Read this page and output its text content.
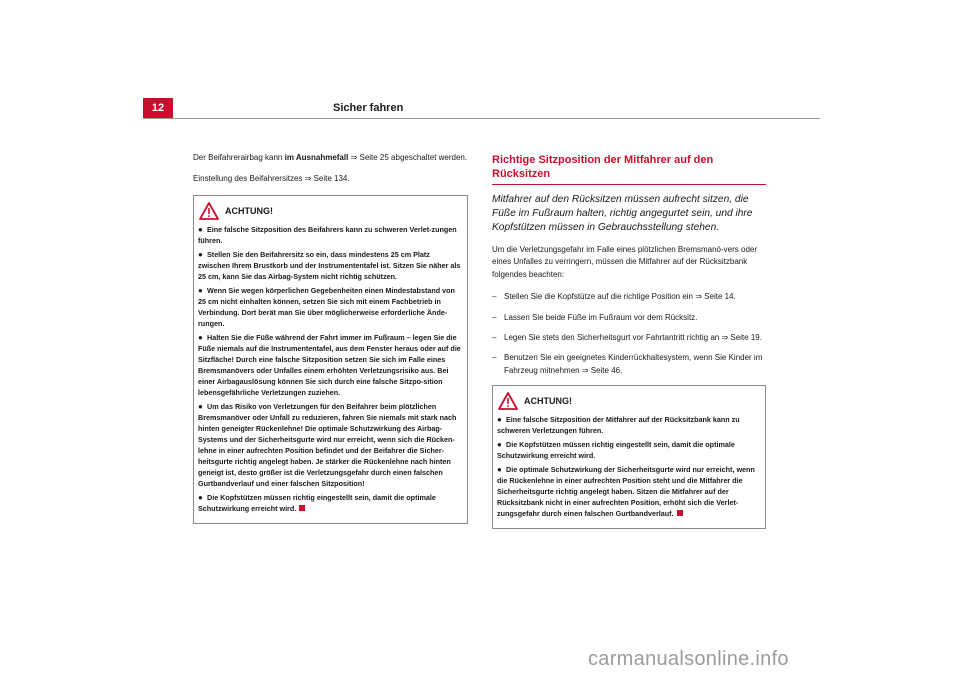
12	Sicher fahren

Der Beifahrerairbag kann im Ausnahmefall ⇒ Seite 25 abgeschaltet werden.

Einstellung des Beifahrersitzes ⇒ Seite 134.

ACHTUNG!

● Eine falsche Sitzposition des Beifahrers kann zu schweren Verlet-zungen führen.

● Stellen Sie den Beifahrersitz so ein, dass mindestens 25 cm Platz zwischen Ihrem Brustkorb und der Instrumententafel ist. Sitzen Sie näher als 25 cm, kann Sie das Airbag-System nicht richtig schützen.

● Wenn Sie wegen körperlichen Gegebenheiten einen Mindestabstand von 25 cm nicht einhalten können, setzen Sie sich mit einem Fachbetrieb in Verbindung. Dort berät man Sie über möglicherweise erforderliche Ände-rungen.

● Halten Sie die Füße während der Fahrt immer im Fußraum – legen Sie die Füße niemals auf die Instrumententafel, aus dem Fenster heraus oder auf die Sitzfläche! Durch eine falsche Sitzposition setzen Sie sich im Falle eines Bremsmanövers oder Unfalles einem erhöhten Verletzungsrisiko aus. Bei einer Airbagauslösung können Sie sich durch eine falsche Sitzpo-sition lebensgefährliche Verletzungen zuziehen.

● Um das Risiko von Verletzungen für den Beifahrer beim plötzlichen Bremsmanöver oder Unfall zu reduzieren, fahren Sie niemals mit stark nach hinten geneigter Rückenlehne! Die optimale Schutzwirkung des Airbag-Systems und der Sicherheitsgurte wird nur erreicht, wenn sich die Rücken-lehne in einer aufrechten Position befindet und der Beifahrer die Sicher-heitsgurte richtig angelegt haben. Je stärker die Rückenlehne nach hinten geneigt ist, desto größer ist die Verletzungsgefahr durch einen falschen Gurtbandverlauf und einer falschen Sitzposition!

● Die Kopfstützen müssen richtig eingestellt sein, damit die optimale Schutzwirkung erreicht wird.

Richtige Sitzposition der Mitfahrer auf den Rücksitzen
Mitfahrer auf den Rücksitzen müssen aufrecht sitzen, die Füße im Fußraum halten, richtig angegurtet sein, und ihre Kopfstützen müssen in Gebrauchsstellung stehen.
Um die Verletzungsgefahr im Falle eines plötzlichen Bremsmanö-vers oder eines Unfalles zu verringern, müssen die Mitfahrer auf der Rücksitzbank folgendes beachten:
– Stellen Sie die Kopfstütze auf die richtige Position ein ⇒ Seite 14.
– Lassen Sie beide Füße im Fußraum vor dem Rücksitz.
– Legen Sie stets den Sicherheitsgurt vor Fahrtantritt richtig an ⇒ Seite 19.
– Benutzen Sie ein geeignetes Kinderrückhaltesystem, wenn Sie Kinder im Fahrzeug mitnehmen ⇒ Seite 46.
ACHTUNG!

● Eine falsche Sitzposition der Mitfahrer auf der Rücksitzbank kann zu schweren Verletzungen führen.

● Die Kopfstützen müssen richtig eingestellt sein, damit die optimale Schutzwirkung erreicht wird.

● Die optimale Schutzwirkung der Sicherheitsgurte wird nur erreicht, wenn die Rückenlehne in einer aufrechten Position steht und die Mitfahrer die Sicherheitsgurte richtig angelegt haben. Sitzen die Mitfahrer auf der Rücksitzbank nicht in einer aufrechten Position, erhöht sich die Verlet-zungsgefahr durch einen falschen Gurtbandverlauf.

carmanualsonline.info
